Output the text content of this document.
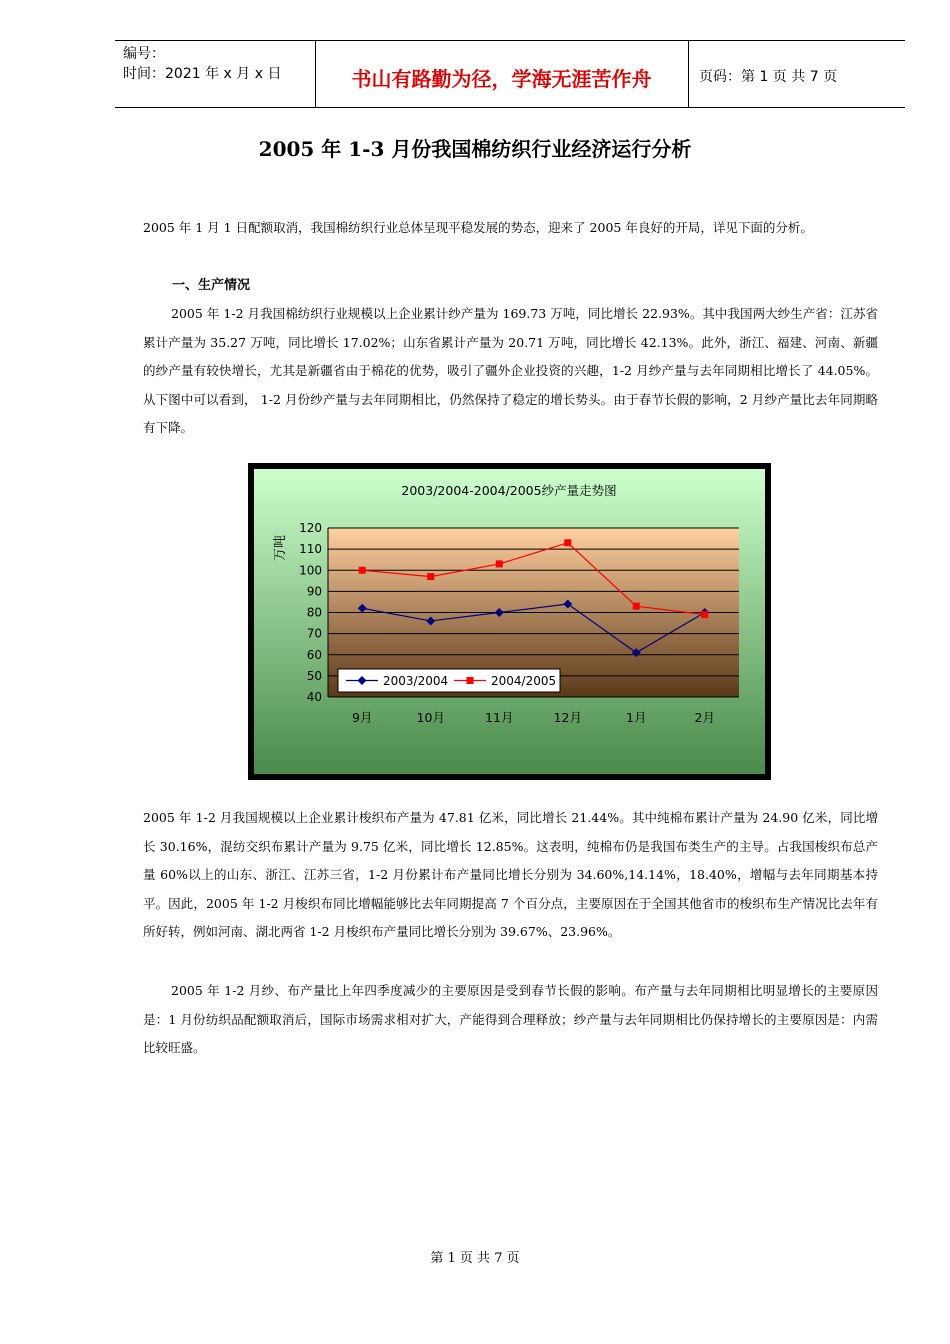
编号：
时间：2021 年 x 月 x 日	书山有路勤为径，学海无涯苦作舟	页码：第 1 页 共 7 页
2005 年 1-3 月份我国棉纺织行业经济运行分析
2005 年 1 月 1 日配额取消，我国棉纺织行业总体呈现平稳发展的势态，迎来了 2005 年良好的开局，详见下面的分析。
一、生产情况
2005 年 1-2 月我国棉纺织行业规模以上企业累计纱产量为 169.73 万吨，同比增长 22.93%。其中我国两大纱生产省：江苏省累计产量为 35.27 万吨，同比增长 17.02%；山东省累计产量为 20.71 万吨，同比增长 42.13%。此外，浙江、福建、河南、新疆的纱产量有较快增长，尤其是新疆省由于棉花的优势，吸引了疆外企业投资的兴趣，1-2 月纱产量与去年同期相比增长了 44.05%。从下图中可以看到， 1-2 月份纱产量与去年同期相比，仍然保持了稳定的增长势头。由于春节长假的影响，2 月纱产量比去年同期略有下降。
2003/2004-2004/2005纱产量走势图
40
50
60
70
80
90
100
110
120
9月	10月	11月	12月	1月	2月
万吨
2003/2004	2004/2005
2005 年 1-2 月我国规模以上企业累计梭织布产量为 47.81 亿米，同比增长 21.44%。其中纯棉布累计产量为 24.90 亿米，同比增长 30.16%，混纺交织布累计产量为 9.75 亿米，同比增长 12.85%。这表明，纯棉布仍是我国布类生产的主导。占我国梭织布总产量 60%以上的山东、浙江、江苏三省，1-2 月份累计布产量同比增长分别为 34.60%,14.14%，18.40%，增幅与去年同期基本持平。因此，2005 年 1-2 月梭织布同比增幅能够比去年同期提高 7 个百分点，主要原因在于全国其他省市的梭织布生产情况比去年有所好转，例如河南、湖北两省 1-2 月梭织布产量同比增长分别为 39.67%、23.96%。
2005 年 1-2 月纱、布产量比上年四季度减少的主要原因是受到春节长假的影响。布产量与去年同期相比明显增长的主要原因是：1 月份纺织品配额取消后，国际市场需求相对扩大，产能得到合理释放；纱产量与去年同期相比仍保持增长的主要原因是：内需比较旺盛。
第 1 页 共 7 页
